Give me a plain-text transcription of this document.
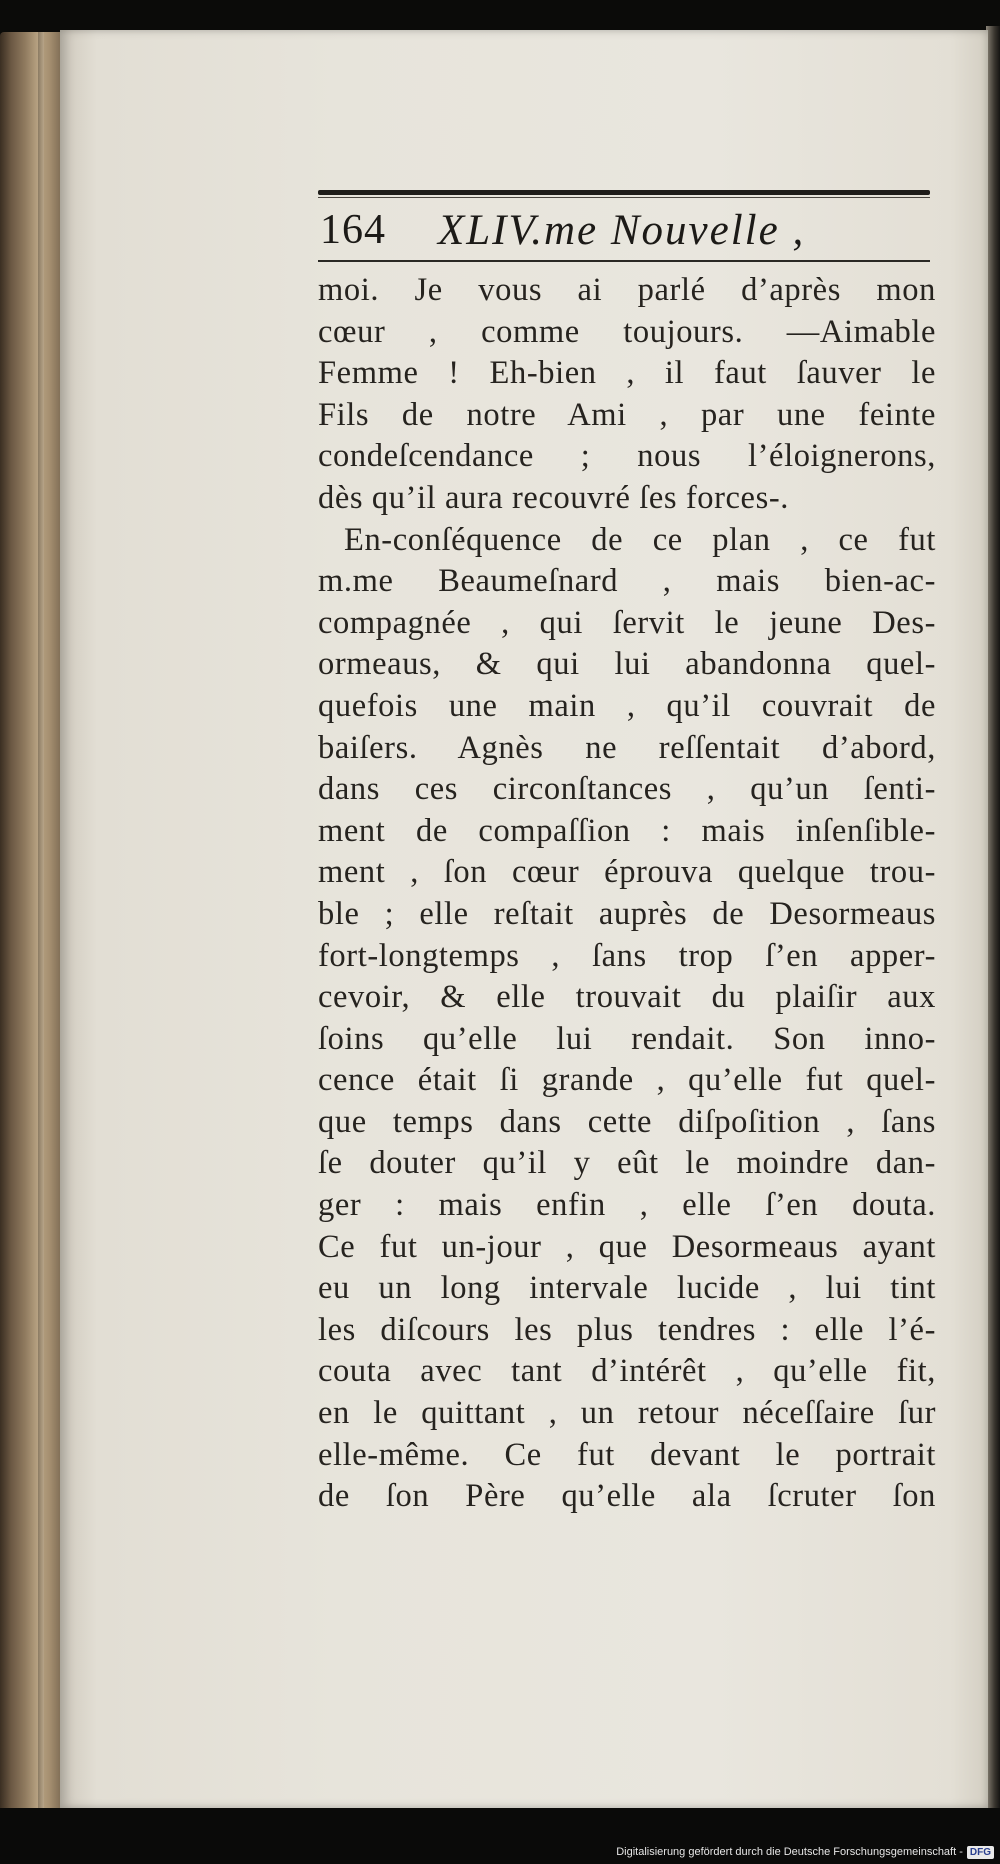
164 XLIV.me Nouvelle ,
moi. Je vous ai parlé d’après mon
cœur , comme toujours. —Aimable
Femme ! Eh-bien , il faut ſauver le
Fils de notre Ami , par une feinte
condeſcendance ; nous l’éloignerons,
dès qu’il aura recouvré ſes forces-.
En-conſéquence de ce plan , ce fut
m.me Beaumeſnard , mais bien-ac-
compagnée , qui ſervit le jeune Des-
ormeaus, & qui lui abandonna quel-
quefois une main , qu’il couvrait de
baiſers. Agnès ne reſſentait d’abord,
dans ces circonſtances , qu’un ſenti-
ment de compaſſion : mais inſenſible-
ment , ſon cœur éprouva quelque trou-
ble ; elle reſtait auprès de Desormeaus
fort-longtemps , ſans trop ſ’en apper-
cevoir, & elle trouvait du plaiſir aux
ſoins qu’elle lui rendait. Son inno-
cence était ſi grande , qu’elle fut quel-
que temps dans cette diſpoſition , ſans
ſe douter qu’il y eût le moindre dan-
ger : mais enfin , elle ſ’en douta.
Ce fut un-jour , que Desormeaus ayant
eu un long intervale lucide , lui tint
les diſcours les plus tendres : elle l’é-
couta avec tant d’intérêt , qu’elle fit,
en le quittant , un retour néceſſaire ſur
elle-même. Ce fut devant le portrait
de ſon Père qu’elle ala ſcruter ſon
Digitalisierung gefördert durch die Deutsche Forschungsgemeinschaft - DFG
